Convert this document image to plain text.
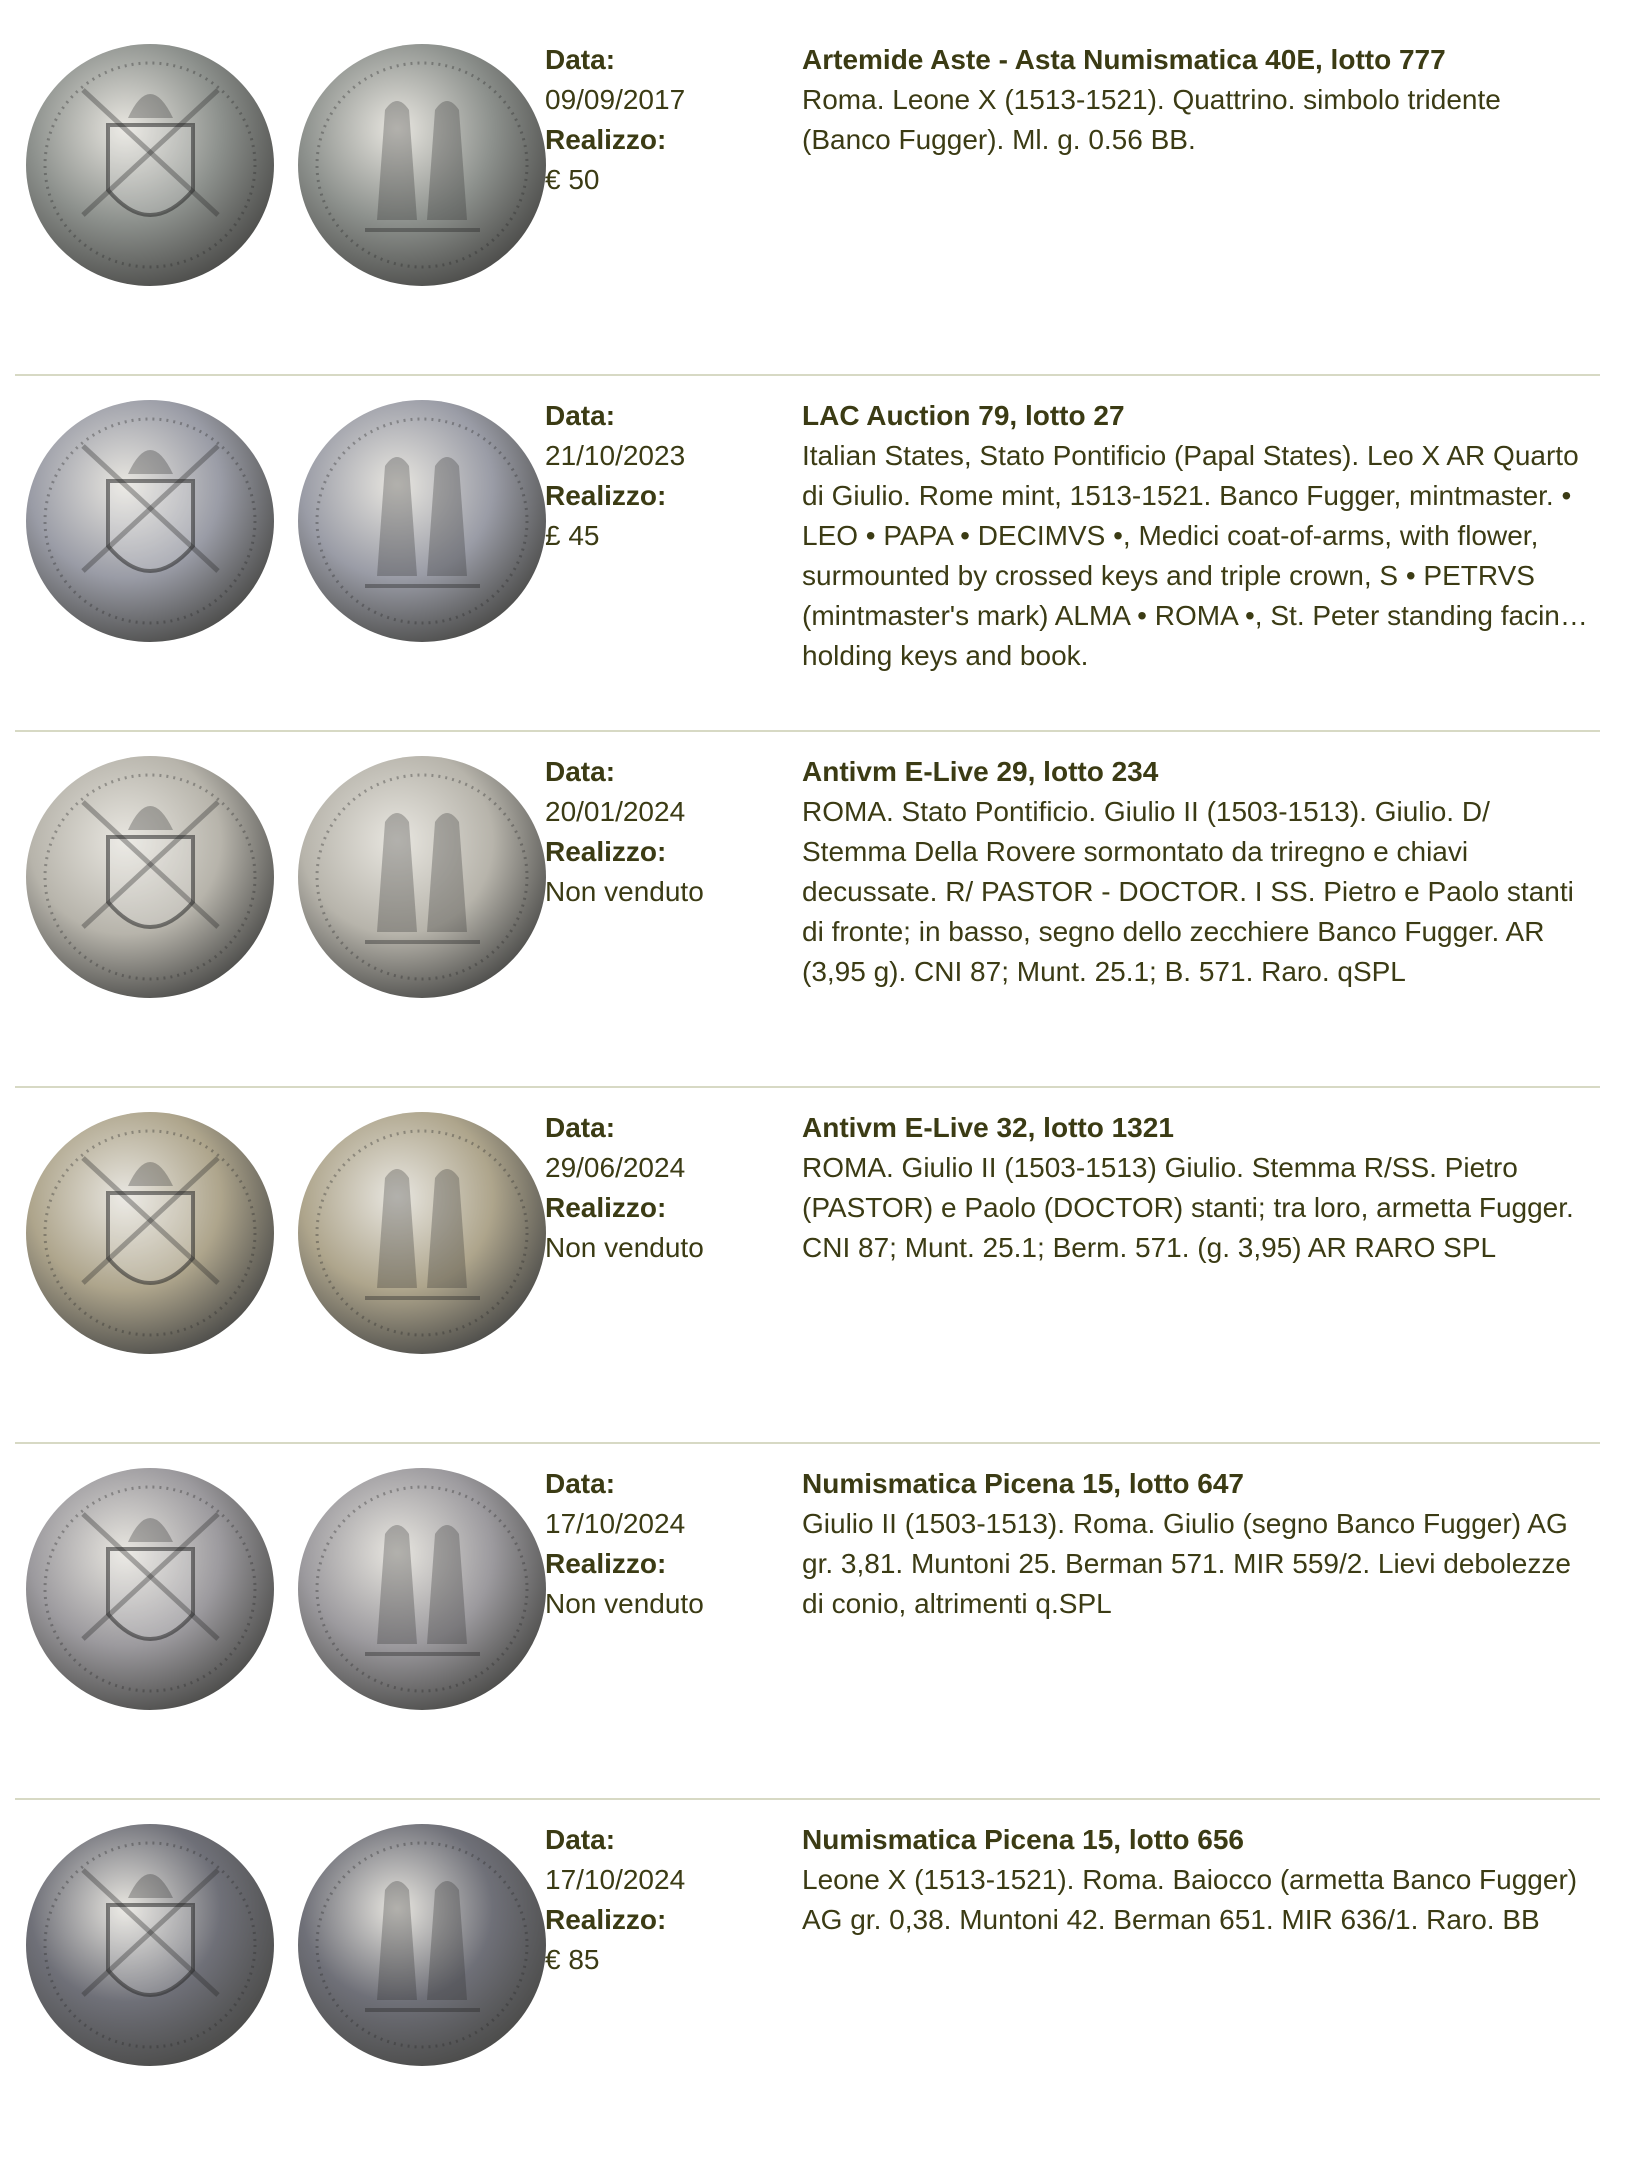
Data:
09/09/2017
Realizzo:
€ 50
Artemide Aste - Asta Numismatica 40E, lotto 777
Roma. Leone X (1513-1521). Quattrino. simbolo tridente (Banco Fugger). Ml. g. 0.56 BB.
Data:
21/10/2023
Realizzo:
£ 45
LAC Auction 79, lotto 27
Italian States, Stato Pontificio (Papal States). Leo X AR Quarto di Giulio. Rome mint, 1513-1521. Banco Fugger, mintmaster. • LEO • PAPA • DECIMVS •, Medici coat-of-arms, with flower, surmounted by crossed keys and triple crown, S • PETRVS (mintmaster's mark) ALMA • ROMA •, St. Peter standing facing, holding keys and book.
Data:
20/01/2024
Realizzo:
Non venduto
Antivm E-Live 29, lotto 234
ROMA. Stato Pontificio. Giulio II (1503-1513). Giulio. D/ Stemma Della Rovere sormontato da triregno e chiavi decussate. R/ PASTOR - DOCTOR. I SS. Pietro e Paolo stanti di fronte; in basso, segno dello zecchiere Banco Fugger. AR (3,95 g). CNI 87; Munt. 25.1; B. 571. Raro. qSPL
Data:
29/06/2024
Realizzo:
Non venduto
Antivm E-Live 32, lotto 1321
ROMA. Giulio II (1503-1513) Giulio. Stemma R/SS. Pietro (PASTOR) e Paolo (DOCTOR) stanti; tra loro, armetta Fugger. CNI 87; Munt. 25.1; Berm. 571. (g. 3,95) AR RARO SPL
Data:
17/10/2024
Realizzo:
Non venduto
Numismatica Picena 15, lotto 647
Giulio II (1503-1513). Roma. Giulio (segno Banco Fugger) AG gr. 3,81. Muntoni 25. Berman 571. MIR 559/2. Lievi debolezze di conio, altrimenti q.SPL
Data:
17/10/2024
Realizzo:
€ 85
Numismatica Picena 15, lotto 656
Leone X (1513-1521). Roma. Baiocco (armetta Banco Fugger) AG gr. 0,38. Muntoni 42. Berman 651. MIR 636/1. Raro. BB
